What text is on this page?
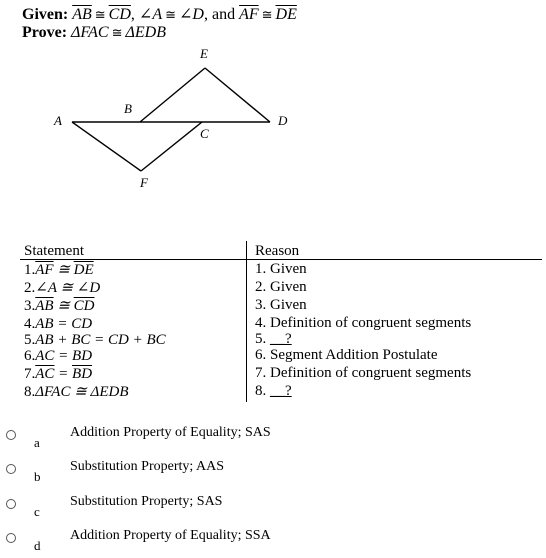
Given: $\overline{AB}$ ≅ $\overline{CD}$, ∠A ≅ ∠D, and $\overline{AF}$ ≅ $\overline{DE}$
Prove: ΔFAC ≅ ΔEDB
E
B
A
C
D
F
Statement	Reason
$1.\overline{AF}$ ≅ $\overline{DE}$	1. Given
2.∠A ≅ ∠D	2. Given
$3.\overline{AB}$ ≅ $\overline{CD}$	3. Given
4.AB = CD	4. Definition of congruent segments
5.AB + BC = CD + BC	5. __?
6.AC = BD	6. Segment Addition Postulate
$7.\overline{AC} = \overline{BD}$	7. Definition of congruent segments
8.ΔFAC ≅ ΔEDB	8. __?
a
Addition Property of Equality; SAS
b
Substitution Property; AAS
c
Substitution Property; SAS
d
Addition Property of Equality; SSA
